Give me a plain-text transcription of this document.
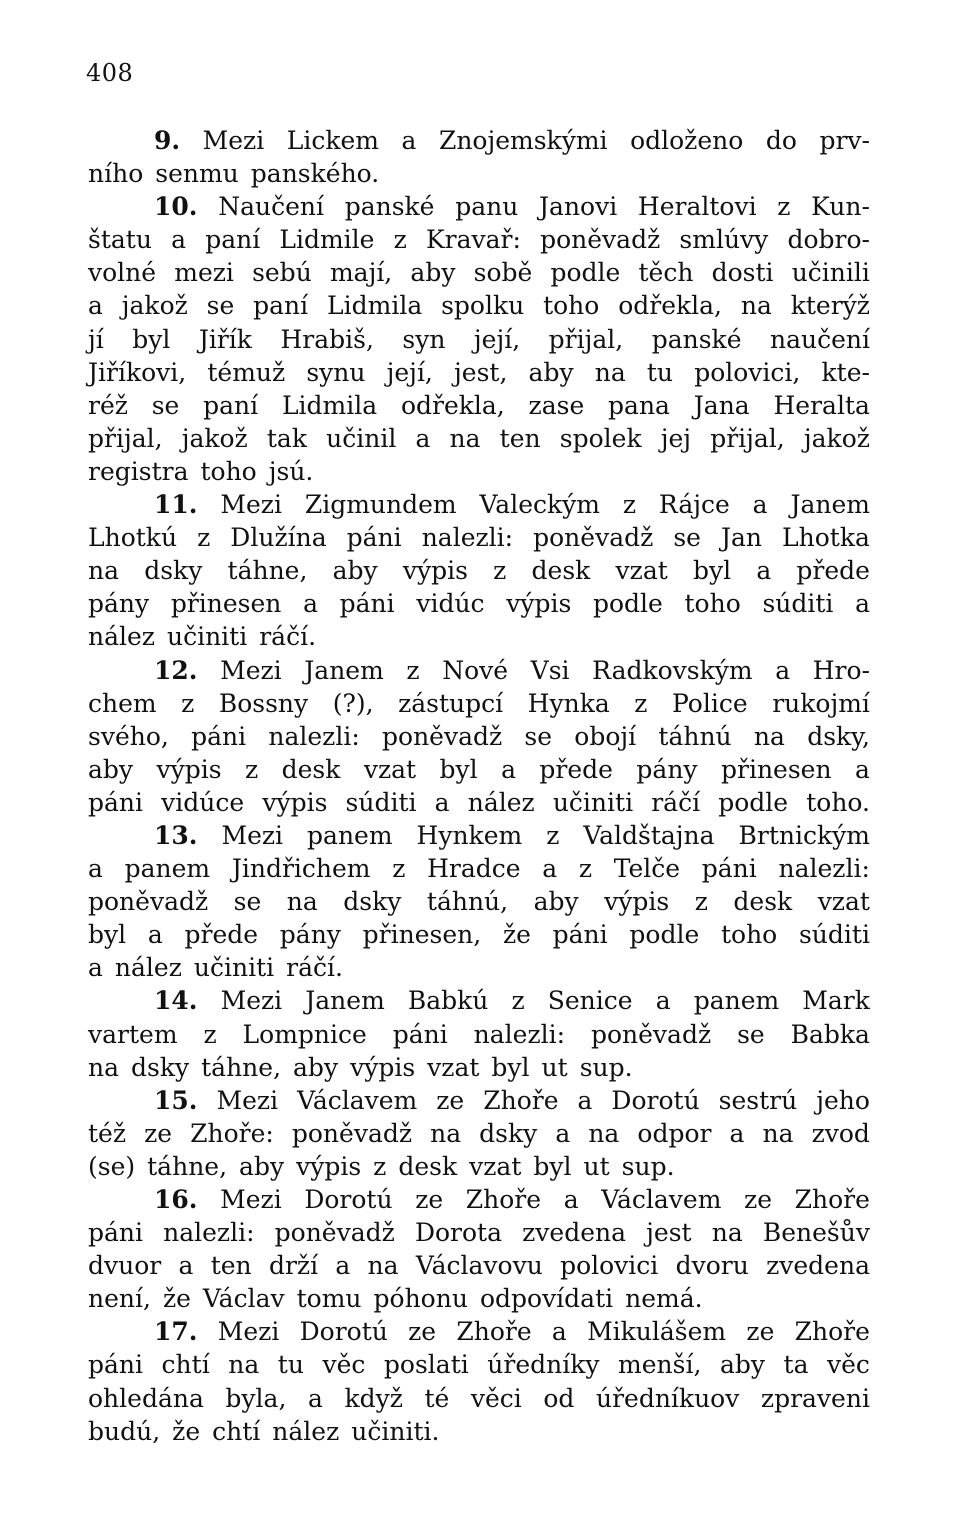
408
9. Mezi Lickem a Znojemskými odloženo do prv-
ního senmu panského.
10. Naučení panské panu Janovi Heraltovi z Kun-
štatu a paní Lidmile z Kravař: poněvadž smlúvy dobro-
volné mezi sebú mají, aby sobě podle těch dosti učinili
a jakož se paní Lidmila spolku toho odřekla, na kterýž
jí byl Jiřík Hrabiš, syn její, přijal, panské naučení
Jiříkovi, témuž synu její, jest, aby na tu polovici, kte-
réž se paní Lidmila odřekla, zase pana Jana Heralta
přijal, jakož tak učinil a na ten spolek jej přijal, jakož
registra toho jsú.
11. Mezi Zigmundem Valeckým z Rájce a Janem
Lhotkú z Dlužína páni nalezli: poněvadž se Jan Lhotka
na dsky táhne, aby výpis z desk vzat byl a přede
pány přinesen a páni vidúc výpis podle toho súditi a
nález učiniti ráčí.
12. Mezi Janem z Nové Vsi Radkovským a Hro-
chem z Bossny (?), zástupcí Hynka z Police rukojmí
svého, páni nalezli: poněvadž se obojí táhnú na dsky,
aby výpis z desk vzat byl a přede pány přinesen a
páni vidúce výpis súditi a nález učiniti ráčí podle toho.
13. Mezi panem Hynkem z Valdštajna Brtnickým
a panem Jindřichem z Hradce a z Telče páni nalezli:
poněvadž se na dsky táhnú, aby výpis z desk vzat
byl a přede pány přinesen, že páni podle toho súditi
a nález učiniti ráčí.
14. Mezi Janem Babkú z Senice a panem Mark
vartem z Lompnice páni nalezli: poněvadž se Babka
na dsky táhne, aby výpis vzat byl ut sup.
15. Mezi Václavem ze Zhoře a Dorotú sestrú jeho
též ze Zhoře: poněvadž na dsky a na odpor a na zvod
(se) táhne, aby výpis z desk vzat byl ut sup.
16. Mezi Dorotú ze Zhoře a Václavem ze Zhoře
páni nalezli: poněvadž Dorota zvedena jest na Benešův
dvuor a ten drží a na Václavovu polovici dvoru zvedena
není, že Václav tomu póhonu odpovídati nemá.
17. Mezi Dorotú ze Zhoře a Mikulášem ze Zhoře
páni chtí na tu věc poslati úředníky menší, aby ta věc
ohledána byla, a když té věci od úředníkuov zpraveni
budú, že chtí nález učiniti.
